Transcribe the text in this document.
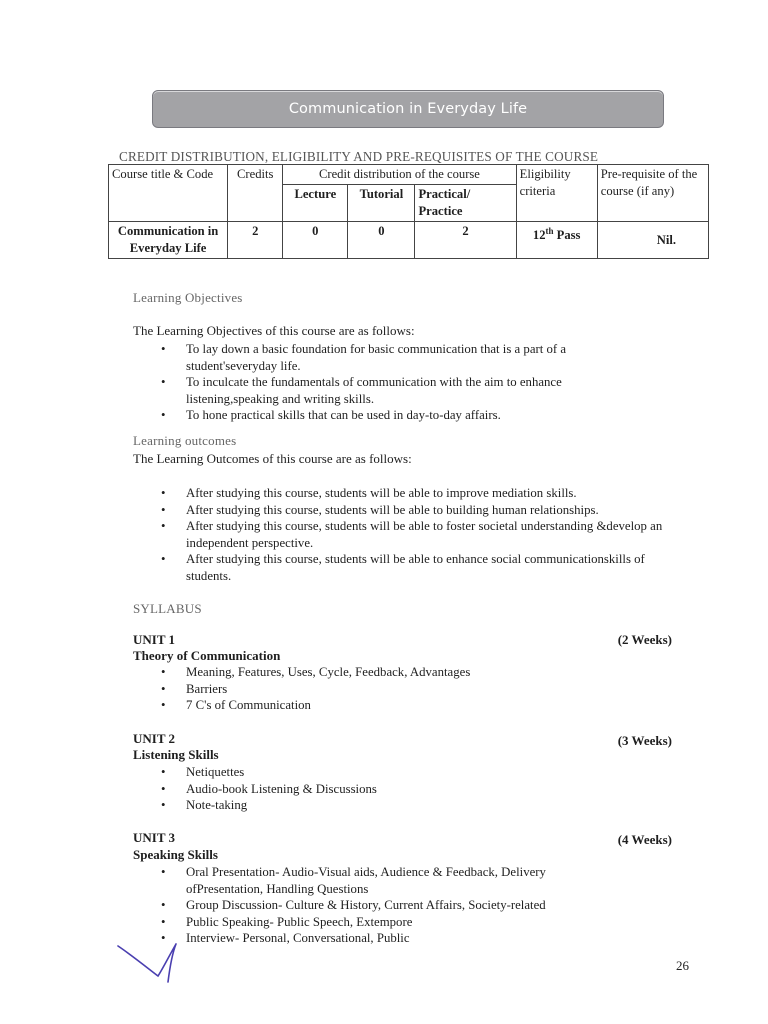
Communication in Everyday Life
CREDIT DISTRIBUTION, ELIGIBILITY AND PRE-REQUISITES OF THE COURSE
Course title & Code	Credits	Credit distribution of the course			Eligibility criteria	Pre-requisite of the course (if any)
		Lecture	Tutorial	Practical/ Practice		
Communication in Everyday Life	2	0	0	2	12th Pass	Nil.
Learning Objectives
The Learning Objectives of this course are as follows:
• To lay down a basic foundation for basic communication that is a part of a student'severyday life.
• To inculcate the fundamentals of communication with the aim to enhance listening,speaking and writing skills.
• To hone practical skills that can be used in day-to-day affairs.
Learning outcomes
The Learning Outcomes of this course are as follows:
• After studying this course, students will be able to improve mediation skills.
• After studying this course, students will be able to building human relationships.
• After studying this course, students will be able to foster societal understanding &develop an independent perspective.
• After studying this course, students will be able to enhance social communicationskills of students.
SYLLABUS
UNIT 1	(2 Weeks)
Theory of Communication
• Meaning, Features, Uses, Cycle, Feedback, Advantages
• Barriers
• 7 C's of Communication
UNIT 2	(3 Weeks)
Listening Skills
• Netiquettes
• Audio-book Listening & Discussions
• Note-taking
UNIT 3	(4 Weeks)
Speaking Skills
• Oral Presentation- Audio-Visual aids, Audience & Feedback, Delivery ofPresentation, Handling Questions
• Group Discussion- Culture & History, Current Affairs, Society-related
• Public Speaking- Public Speech, Extempore
• Interview- Personal, Conversational, Public
26
